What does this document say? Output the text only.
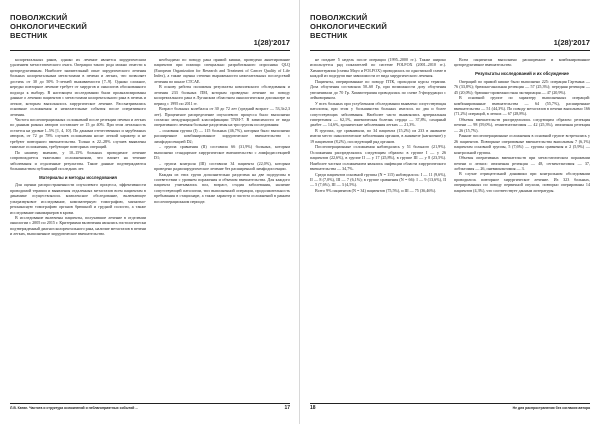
ПОВОЛЖСКИЙ
ОНКОЛОГИЧЕСКИЙ
ВЕСТНИК
1(28)'2017

колоректальных раков, однако их лечение является хирургическим удалением метастатического очага. Операции такого рода можно отнести к циторедуктивным. Наиболее значительный опыт хирургического лечения больных колоректальным метастазами в печени и легких, что позволяет достичь от 30 до 50% 5-летней выживаемости [7–9]. Однако сложное, нередко повторное лечение требует от хирургов и онкологов обоснованного подхода к выбору. В настоящем исследовании были проанализированы данные о лечении пациентов с метастазами колоректального рака в печень и легкие, которым выполнялось хирургическое лечение. Рассматривались основные осложнения и нежелательные события после оперативного лечения.

Частота послеоперационных осложнений после резекции печени и легких по данным разных авторов составляет от 15 до 40%. При этом летальность остается на уровне 1–5% [1, 4, 10]. По данным отечественных и зарубежных авторов, от 72 до 78% случаев осложнения носят легкий характер и не требуют повторного вмешательства. Только в 22–28% случаев выявлены тяжелые осложнения, требующие повторных операций.

По нашему мнению, у 10–15% больных проводимое лечение сопровождается тяжелыми осложнениями, что влияет на течение заболевания и отдаленные результаты. Такие данные подтверждаются большинством публикаций последних лет.

Материалы и методы исследования

Для оценки распространенности опухолевого процесса, эффективности проводимой терапии и выявления отдаленных метастазов всем пациентам в динамике осуществлялось комплексное обследование, включающее ультразвуковое исследование, компьютерную томографию, магнитно-резонансную томографию органов брюшной и грудной полости, а также исследование онкомаркеров в крови.

В исследование включены пациенты, получавшие лечение в отделении онкологии с 2005 по 2015 г. Критериями включения являлись гистологически подтвержденный диагноз колоректального рака, наличие метастазов в печени и легких, выполненное хирургическое вмешательство.

необходимо по поводу рака прямой кишки, проведено анкетирование пациентов при помощи специально разработанного опросника QLQ (European Organization for Research and Treatment of Cancer Quality of Life Index), а также оценка степени выраженности нежелательных последствий лечения по шкале CTCAE.

В основу работы положены результаты комплексного обследования и лечения 233 больных ПМ, которым проведено лечение по поводу колоректального рака в Луганском областном онкологическом диспансере за период с 1995 по 2011 гг.

Возраст больных колебался от 30 до 72 лет (средний возраст — 53,3±2,3 лет). Процентное распределение опухолевого процесса было выполнено согласно международной классификации TNM-7. В зависимости от вида оперативного лечения больные разделены на три группы исследования:

– основная группа (I) — 115 больных (46,7%), которым было выполнено расширенное комбинированное хирургическое вмешательство с лимфодиссекцией D2;

– группа сравнения (II) составила 66 (31,9%) больных, которым выполнено стандартное хирургическое вмешательство с лимфодиссекцией D1;

– группа контроля (III) составили 34 пациента (22,0%), которым проведено радиохирургическое лечение без расширенной лимфодиссекции.

Каждая из этих групп дополнительно разделена на две подгруппы в соответствии с уровнем поражения и объемом вмешательства. Для каждого пациента учитывались пол, возраст, стадия заболевания, наличие сопутствующей патологии, тип выполненной операции, продолжительность пребывания в стационаре, а также характер и частота осложнений в раннем послеоперационном периоде.

Л.В. Катан. Частота и структура осложнений и неблагоприятных событий ...	17
ПОВОЛЖСКИЙ
ОНКОЛОГИЧЕСКИЙ
ВЕСТНИК
1(28)'2017

не позднее 5 недель после операции (1995–2000 гг.). Также широко используется ряд показателей по системе FOLFOX (2001–2010 гг.). Химиотерапия (схемы Mayo и FOLFOX) проводилась по однотипной схеме в каждой из подгрупп вне зависимости от вида хирургического лечения.

Пациенты, оперированные по поводу ПТК, проходили курсы терапии. Доза облучения составляла 50–60 Гр, при возможности дозу облучения увеличивали до 70 Гр. Химиотерапия проводилась по схеме 5-фторурацил с лейковорином.

У всех больных при углубленном обследовании выявлено сопутствующая патология, при этом у большинства больных имелось по два и более сопутствующих заболевания. Наиболее часто выявлялись артериальная гипертензия — 62,1%, ишемическая болезнь сердца — 37,8%, сахарный диабет — 14,6%, хронические заболевания легких — 21,3%.

В группах, где сравнивали, по 34 пациента (15,2%) из 233 в анамнезе имели место онкологические заболевания органов, в анамнезе (нагноение) у 19 пациентов (8,2%), последующий ряд органов.

Послеоперационные осложнения наблюдались у 51 больного (21,9%). Осложнения распределялись следующим образом: в группе I — у 26 пациентов (22,6%), в группе II — у 17 (25,8%), в группе III — у 8 (23,5%). Наиболее частым осложнением являлись инфекции области хирургического вмешательства — 34,7%.

Среди пациентов основной группы (N = 115) наблюдалось: I — 11 (9,6%), II — 8 (7,0%), III — 7 (6,1%); в группе сравнения (N = 66): I — 9 (13,6%), II — 5 (7,6%), III — 3 (4,5%).

Всего 9% пациентов (N = 34) пациентов (75,5%), и III — 75 (36,46%).

Всем пациентам выполнено расширенное и комбинированное циторедуктивное вмешательство.

Результаты исследований и их обсуждение

Операций по прямой кишке было выполнено 225: операция Гартмана — 76 (33,8%); брюшно-анальная резекция — 57 (25,3%); передняя резекция — 45 (20,0%); брюшно-промежностная экстирпация — 47 (20,9%).

В основной группе по характеру выполненных операций: комбинированные вмешательства — 64 (55,7%), расширенные вмешательства — 51 (44,3%). По поводу метастазов в печени выполнено 166 (71,2%) операций, в легких — 67 (28,8%).

Объемы вмешательств распределились следующим образом: резекция печени — 98 (59,0%), гемигепатэктомия — 42 (25,3%), атипичная резекция — 26 (15,7%).

Ранние послеоперационные осложнения в основной группе встречались у 26 пациентов. Повторные оперативные вмешательства выполнены 7 (6,1%) пациентам основной группы, 5 (7,6%) — группы сравнения и 2 (5,9%) — контрольной группы.

Объемы оперативных вмешательств при метастатическом поражении печени и легких: атипичная резекция — 48, сегментэктомия — 37, лобэктомия — 26, пневмонэктомия — 3.

В случае отрицательной динамики при контрольном обследовании проводилось повторное хирургическое лечение. Из 323 больных, оперированных по поводу первичной опухоли, повторно оперированы 14 пациентов (4,3%), что соответствует данным литературы.

18	Не для распространения без согласия автора
